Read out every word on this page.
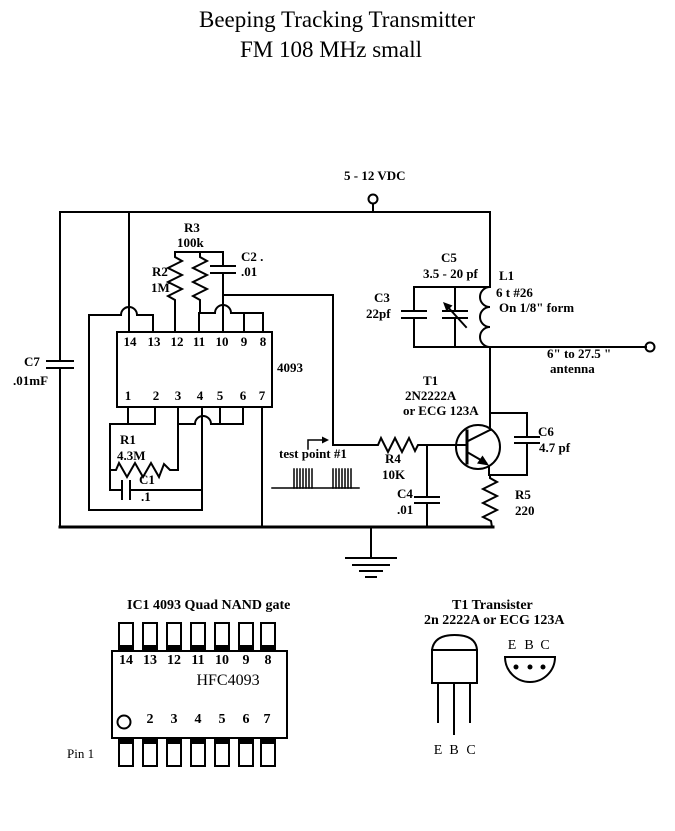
Beeping Tracking Transmitter
FM 108 MHz small
5 - 12 VDC
R3
100k
R2
1M
C2 .
.01
C7
.01mF
4093
R1
4.3M
C1
.1
test point #1	R4
10K
C4
.01
T1
2N2222A
or ECG 123A
C5
3.5 - 20 pf
C3
22pf
L1
6 t #26
On 1/8" form
C6
4.7 pf
R5
220
6" to 27.5 "
antenna
14 13 12 11 10 9 8
1 2 3 4 5 6 7
IC1 4093 Quad NAND gate
HFC4093
14 13 12 11 10 9 8
2 3 4 5 6 7
Pin 1
T1 Transister
2n 2222A or ECG 123A
E B C
E B C
